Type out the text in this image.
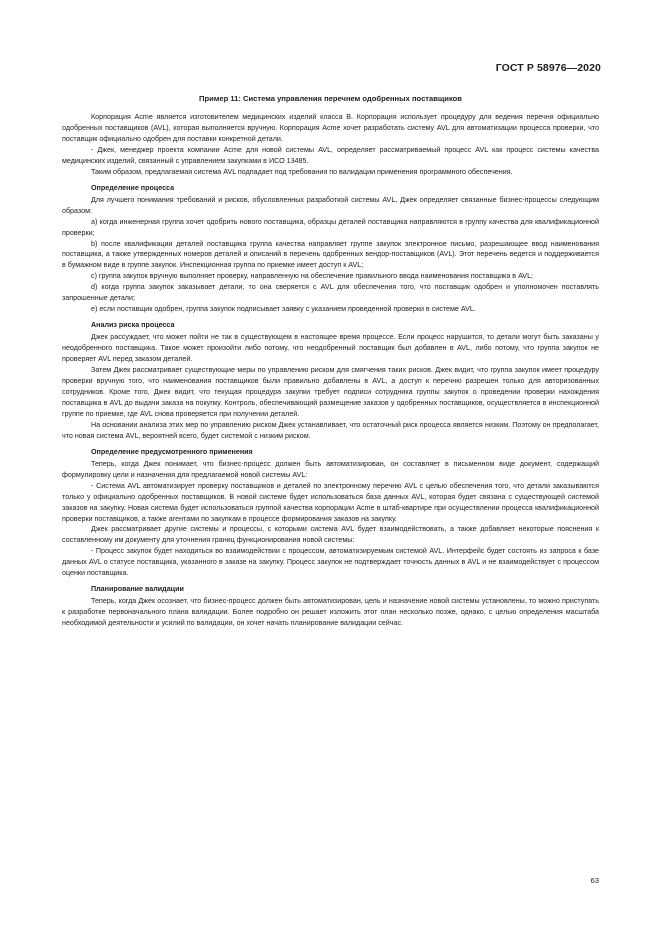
ГОСТ Р 58976—2020
Пример 11: Система управления перечнем одобренных поставщиков

Корпорация Acme является изготовителем медицинских изделий класса B. Корпорация использует процедуру для ведения перечня официально одобренных поставщиков (AVL), которая выполняется вручную. Корпорация Acme хочет разработать систему AVL для автоматизации процесса проверки, что поставщик официально одобрен для поставки конкретной детали.

- Джек, менеджер проекта компании Acme для новой системы AVL, определяет рассматриваемый процесс AVL как процесс системы качества медицинских изделий, связанный с управлением закупками в ИСО 13485.

Таким образом, предлагаемая система AVL подпадает под требования по валидации применения программного обеспечения.

Определение процесса

Для лучшего понимания требований и рисков, обусловленных разработкой системы AVL, Джек определяет связанные бизнес-процессы следующим образом:

a) когда инженерная группа хочет одобрить нового поставщика, образцы деталей поставщика направляются в группу качества для квалификационной проверки;

b) после квалификации деталей поставщика группа качества направляет группе закупок электронное письмо, разрешающее ввод наименования поставщика, а также утвержденных номеров деталей и описаний в перечень одобренных вендор-поставщиков (AVL). Этот перечень ведется и поддерживается в бумажном виде в группе закупок. Инспекционная группа по приемке имеет доступ к AVL;

c) группа закупок вручную выполняет проверку, направленную на обеспечение правильного ввода наименования поставщика в AVL;

d) когда группа закупок заказывает детали, то она сверяется с AVL для обеспечения того, что поставщик одобрен и уполномочен поставлять запрошенные детали;

e) если поставщик одобрен, группа закупок подписывает заявку с указанием проведенной проверки в системе AVL.

Анализ риска процесса

Джек рассуждает, что может пойти не так в существующем в настоящее время процессе. Если процесс нарушится, то детали могут быть заказаны у неодобренного поставщика. Такое может произойти либо потому, что неодобренный поставщик был добавлен в AVL, либо потому, что группа закупок не проверяет AVL перед заказом деталей.

Затем Джек рассматривает существующие меры по управлению риском для смягчения таких рисков. Джек видит, что группа закупок имеет процедуру проверки вручную того, что наименования поставщиков были правильно добавлены в AVL, а доступ к перечню разрешен только для авторизованных сотрудников. Кроме того, Джек видит, что текущая процедура закупки требует подписи сотрудника группы закупок о проведении проверки нахождения поставщика в AVL до выдачи заказа на покупку. Контроль, обеспечивающий размещение заказов у одобренных поставщиков, осуществляется в инспекционной группе по приемке, где AVL снова проверяется при получении деталей.

На основании анализа этих мер по управлению риском Джек устанавливает, что остаточный риск процесса является низким. Поэтому он предполагает, что новая система AVL, вероятней всего, будет системой с низким риском.

Определение предусмотренного применения

Теперь, когда Джек понимает, что бизнес-процесс должен быть автоматизирован, он составляет в письменном виде документ, содержащий формулировку цели и назначения для предлагаемой новой системы AVL:

- Система AVL автоматизирует проверку поставщиков и деталей по электронному перечню AVL с целью обеспечения того, что детали заказываются только у официально одобренных поставщиков. В новой системе будет использоваться база данных AVL, которая будет связана с существующей системой заказов на закупку. Новая система будет использоваться группой качества корпорации Acme в штаб-квартире при осуществлении процесса квалификационной проверки поставщиков, а также агентами по закупкам в процессе формирования заказов на закупку.

Джек рассматривает другие системы и процессы, с которыми система AVL будет взаимодействовать, а также добавляет некоторые пояснения к составленному им документу для уточнения границ функционирования новой системы:

- Процесс закупок будет находиться во взаимодействии с процессом, автоматизируемым системой AVL. Интерфейс будет состоять из запроса к базе данных AVL о статусе поставщика, указанного в заказе на закупку. Процесс закупок не подтверждает точность данных в AVL и не взаимодействует с процессом оценки поставщика.

Планирование валидации

Теперь, когда Джек осознает, что бизнес-процесс должен быть автоматизирован, цель и назначение новой системы установлены, то можно приступать к разработке первоначального плана валидации. Более подробно он решает изложить этот план несколько позже, однако, с целью определения масштаба необходимой деятельности и усилий по валидации, он хочет начать планирование валидации сейчас.

63
